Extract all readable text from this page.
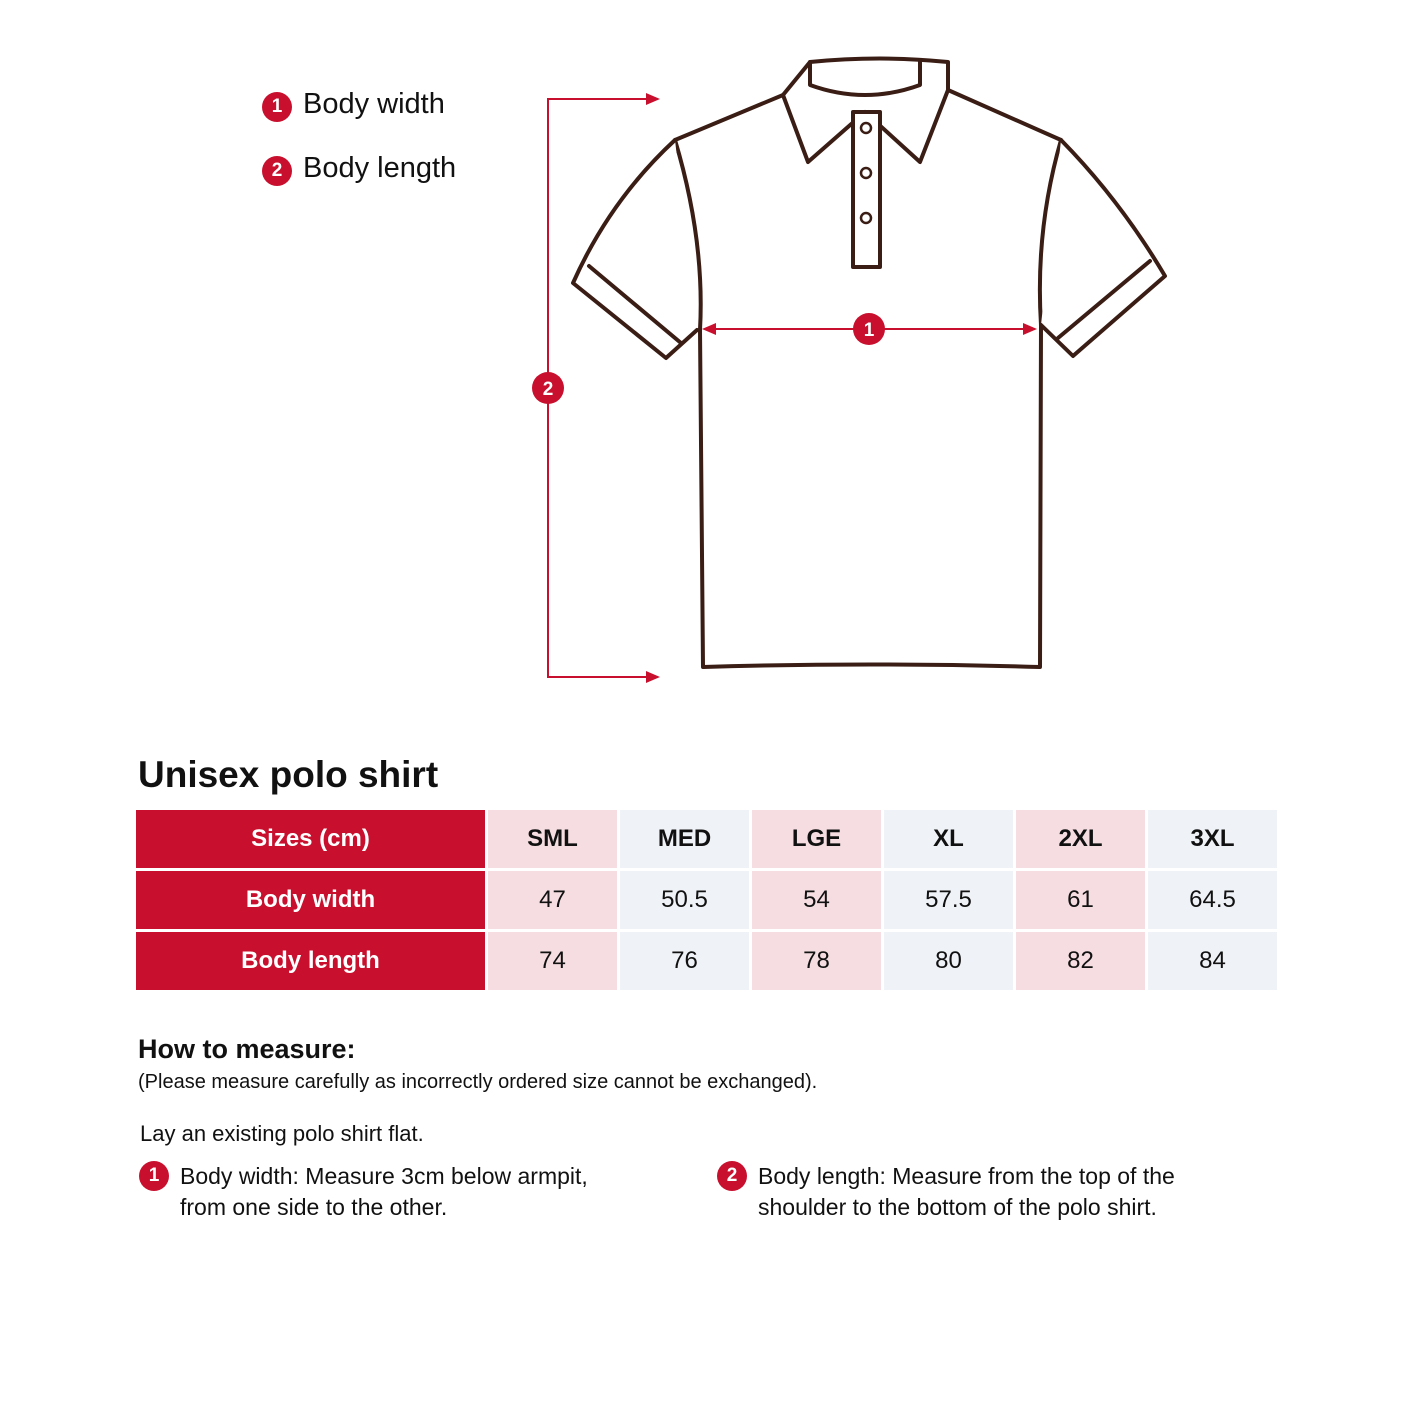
1 Body width
2 Body length
1
2
Unisex polo shirt
Sizes (cm)	SML	MED	LGE	XL	2XL	3XL
Body width	47	50.5	54	57.5	61	64.5
Body length	74	76	78	80	82	84
How to measure:
(Please measure carefully as incorrectly ordered size cannot be exchanged).
Lay an existing polo shirt flat.
1 Body width: Measure 3cm below armpit,
from one side to the other.
2 Body length: Measure from the top of the
shoulder to the bottom of the polo shirt.
